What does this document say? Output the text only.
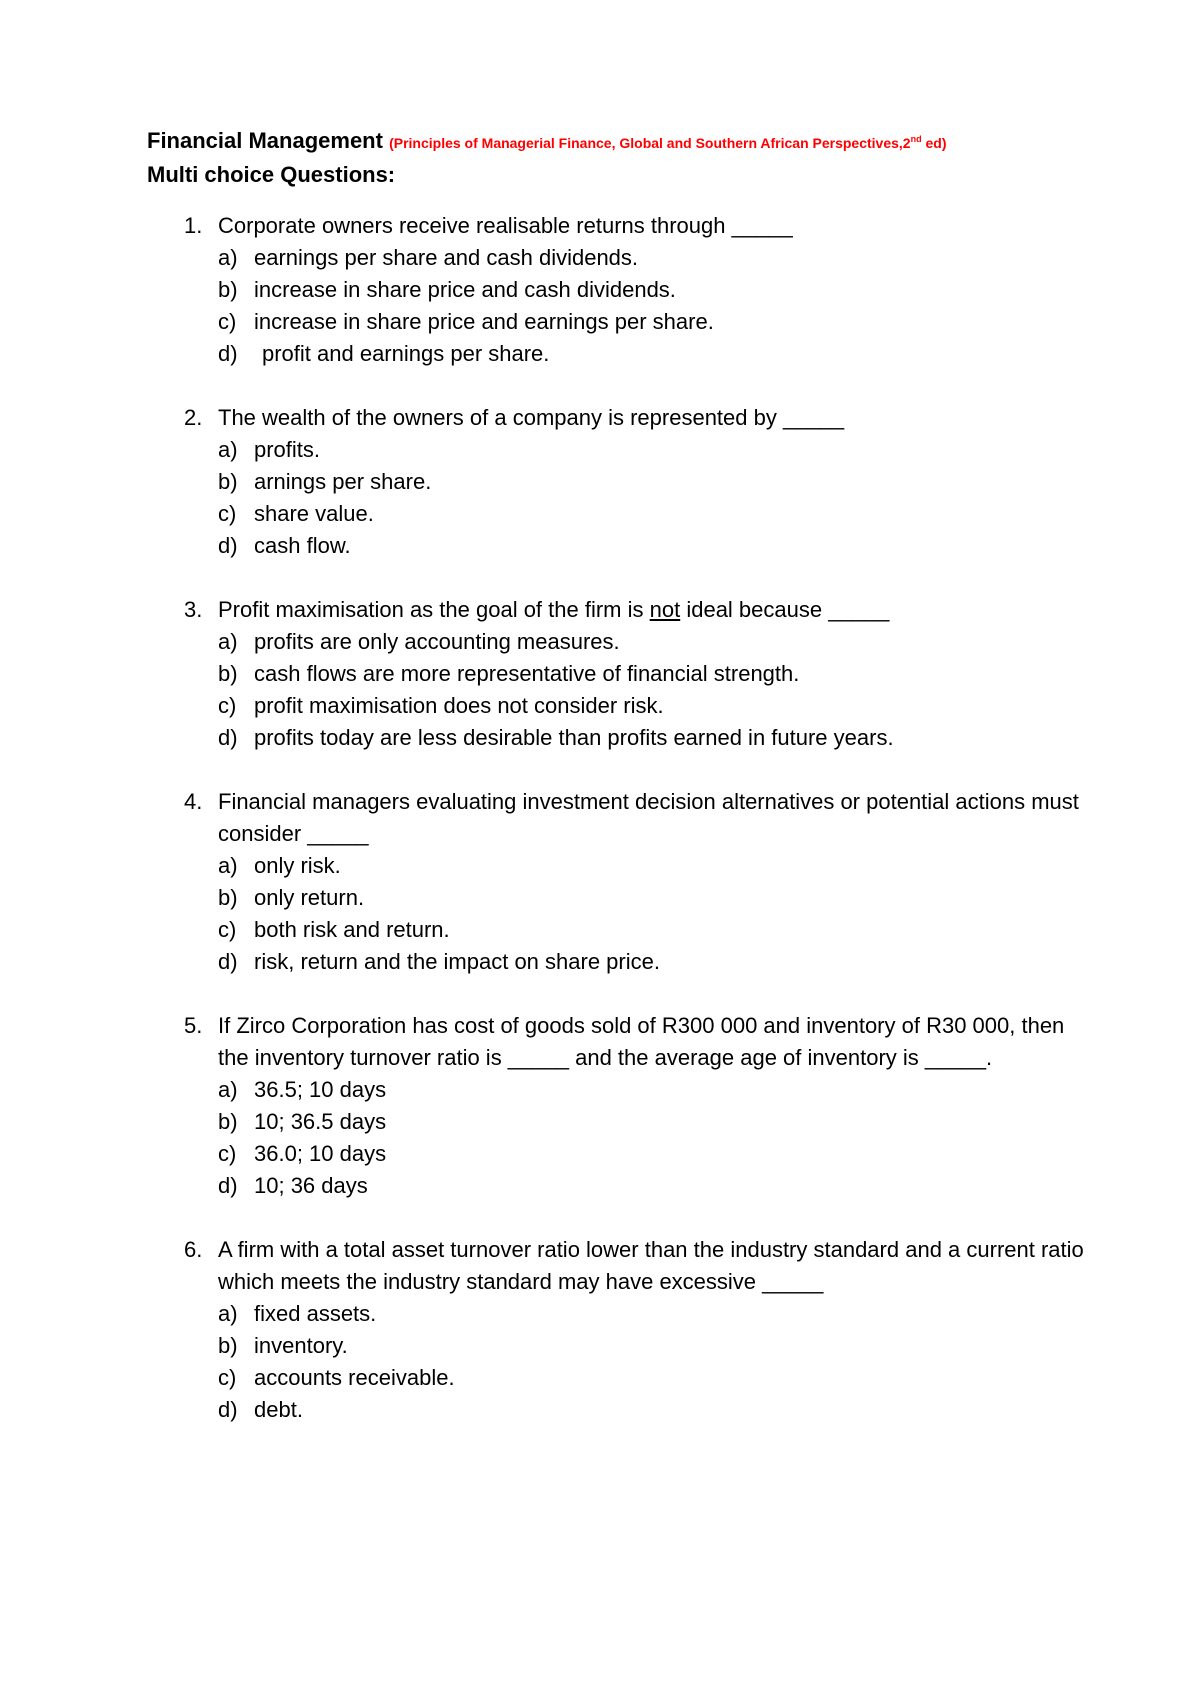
Financial Management (Principles of Managerial Finance, Global and Southern African Perspectives,2nd ed)
Multi choice Questions:
1. Corporate owners receive realisable returns through _____
a) earnings per share and cash dividends.
b) increase in share price and cash dividends.
c) increase in share price and earnings per share.
d) profit and earnings per share.
2. The wealth of the owners of a company is represented by _____
a) profits.
b) arnings per share.
c) share value.
d) cash flow.
3. Profit maximisation as the goal of the firm is not ideal because _____
a) profits are only accounting measures.
b) cash flows are more representative of financial strength.
c) profit maximisation does not consider risk.
d) profits today are less desirable than profits earned in future years.
4. Financial managers evaluating investment decision alternatives or potential actions must consider _____
a) only risk.
b) only return.
c) both risk and return.
d) risk, return and the impact on share price.
5. If Zirco Corporation has cost of goods sold of R300 000 and inventory of R30 000, then the inventory turnover ratio is _____ and the average age of inventory is _____.
a) 36.5; 10 days
b) 10; 36.5 days
c) 36.0; 10 days
d) 10; 36 days
6. A firm with a total asset turnover ratio lower than the industry standard and a current ratio which meets the industry standard may have excessive _____
a) fixed assets.
b) inventory.
c) accounts receivable.
d) debt.
